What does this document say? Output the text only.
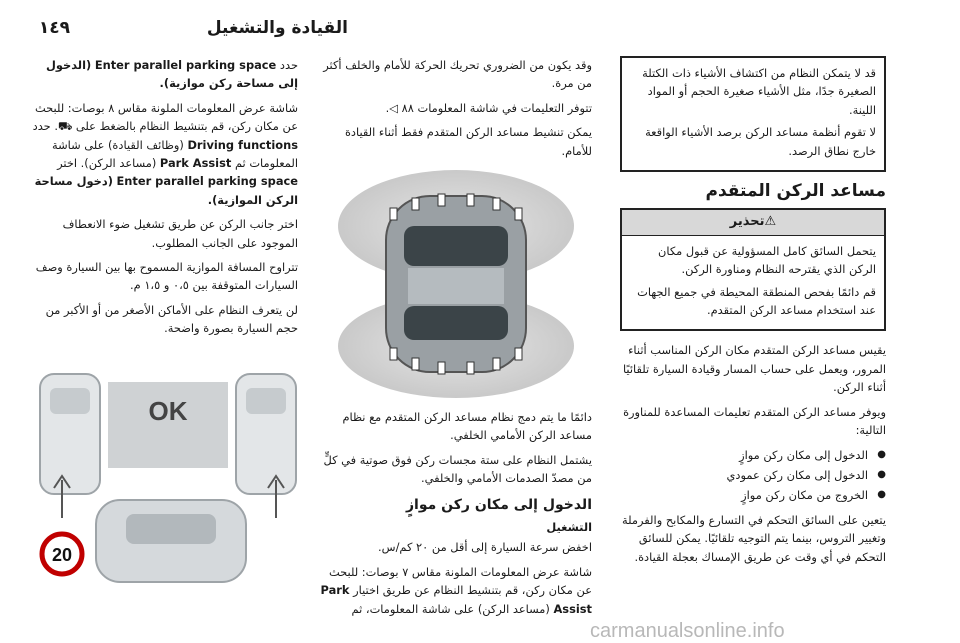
القيادة والتشغيل
١٤٩

قد لا يتمكن النظام من اكتشاف الأشياء ذات الكتلة الصغيرة جدًا، مثل الأشياء صغيرة الحجم أو المواد اللينة.

لا تقوم أنظمة مساعد الركن برصد الأشياء الواقعة خارج نطاق الرصد.

مساعد الركن المتقدم
⚠تحذير

يتحمل السائق كامل المسؤولية عن قبول مكان الركن الذي يقترحه النظام ومناورة الركن.

قم دائمًا بفحص المنطقة المحيطة في جميع الجهات عند استخدام مساعد الركن المتقدم.

يقيس مساعد الركن المتقدم مكان الركن المناسب أثناء المرور، ويعمل على حساب المسار وقيادة السيارة تلقائيًا أثناء الركن.

ويوفر مساعد الركن المتقدم تعليمات المساعدة للمناورة التالية:

● الدخول إلى مكان ركن موازٍ
● الدخول إلى مكان ركن عمودي
● الخروج من مكان ركن موازٍ

يتعين على السائق التحكم في التسارع والمكابح والفرملة وتغيير التروس، بينما يتم التوجيه تلقائيًا. يمكن للسائق التحكم في أي وقت عن طريق الإمساك بعجلة القيادة.

وقد يكون من الضروري تحريك الحركة للأمام والخلف أكثر من مرة.

تتوفر التعليمات في شاشة المعلومات ٨٨ ◁.

يمكن تنشيط مساعد الركن المتقدم فقط أثناء القيادة للأمام.

دائمًا ما يتم دمج نظام مساعد الركن المتقدم مع نظام مساعد الركن الأمامي الخلفي.

يشتمل النظام على ستة مجسات ركن فوق صوتية في كلٍّ من مصدّ الصدمات الأمامي والخلفي.

الدخول إلى مكان ركن موازٍ
التشغيل

اخفض سرعة السيارة إلى أقل من ٢٠ كم/س.

شاشة عرض المعلومات الملونة مقاس ٧ بوصات: للبحث عن مكان ركن، قم بتنشيط النظام عن طريق اختيار Park Assist (مساعد الركن) على شاشة المعلومات، ثم

حدد Enter parallel parking space (الدخول إلى مساحة ركن موازية).

شاشة عرض المعلومات الملونة مقاس ٨ بوصات: للبحث عن مكان ركن، قم بتنشيط النظام بالضغط على ⛟. حدد Driving functions (وظائف القيادة) على شاشة المعلومات ثم Park Assist (مساعد الركن). اختر Enter parallel parking space (دخول مساحة الركن الموازية).

اختر جانب الركن عن طريق تشغيل ضوء الانعطاف الموجود على الجانب المطلوب.

تتراوح المسافة الموازية المسموح بها بين السيارة وصف السيارات المتوقفة بين ٠،٥ و ١،٥ م.

لن يتعرف النظام على الأماكن الأصغر من أو الأكبر من حجم السيارة بصورة واضحة.

OK
20
carmanualsonline.info
